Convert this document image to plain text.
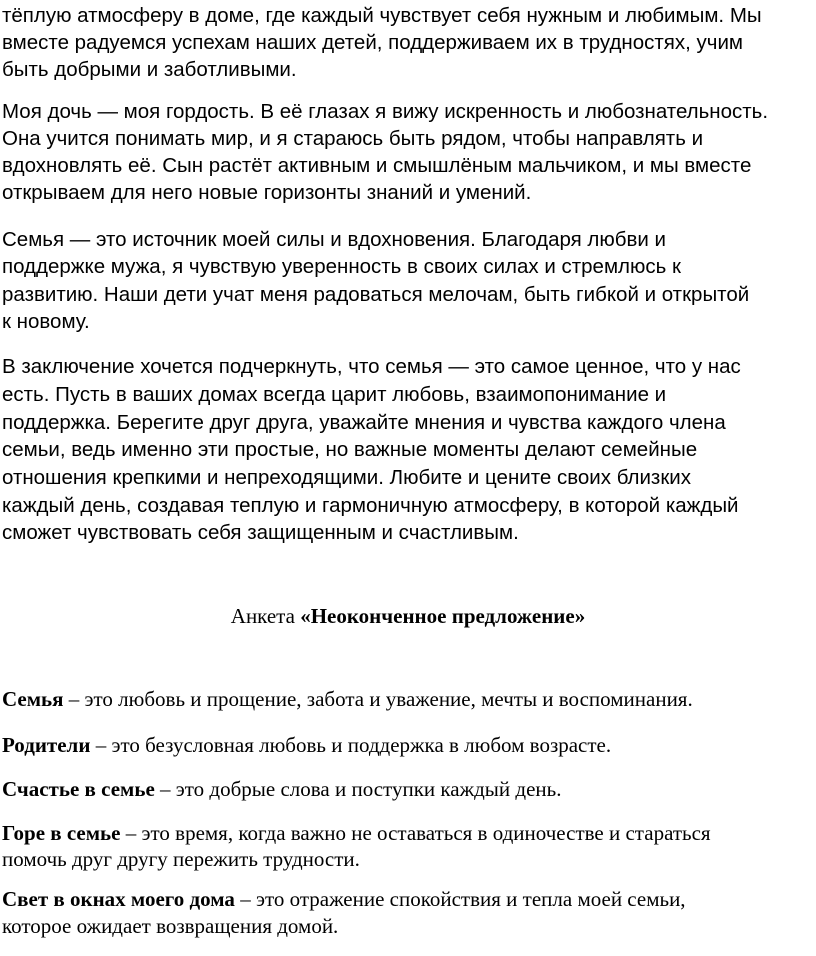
тёплую атмосферу в доме, где каждый чувствует себя нужным и любимым. Мы
вместе радуемся успехам наших детей, поддерживаем их в трудностях, учим
быть добрыми и заботливыми.
Моя дочь — моя гордость. В её глазах я вижу искренность и любознательность.
Она учится понимать мир, и я стараюсь быть рядом, чтобы направлять и
вдохновлять её. Сын растёт активным и смышлёным мальчиком, и мы вместе
открываем для него новые горизонты знаний и умений.
Семья — это источник моей силы и вдохновения. Благодаря любви и
поддержке мужа, я чувствую уверенность в своих силах и стремлюсь к
развитию. Наши дети учат меня радоваться мелочам, быть гибкой и открытой
к новому.
В заключение хочется подчеркнуть, что семья — это самое ценное, что у нас
есть. Пусть в ваших домах всегда царит любовь, взаимопонимание и
поддержка. Берегите друг друга, уважайте мнения и чувства каждого члена
семьи, ведь именно эти простые, но важные моменты делают семейные
отношения крепкими и непреходящими. Любите и цените своих близких
каждый день, создавая теплую и гармоничную атмосферу, в которой каждый
сможет чувствовать себя защищенным и счастливым.
Анкета «Неоконченное предложение»
Семья – это любовь и прощение, забота и уважение, мечты и воспоминания.
Родители – это безусловная любовь и поддержка в любом возрасте.
Счастье в семье – это добрые слова и поступки каждый день.
Горе в семье – это время, когда важно не оставаться в одиночестве и стараться
помочь друг другу пережить трудности.
Свет в окнах моего дома – это отражение спокойствия и тепла моей семьи,
которое ожидает возвращения домой.
